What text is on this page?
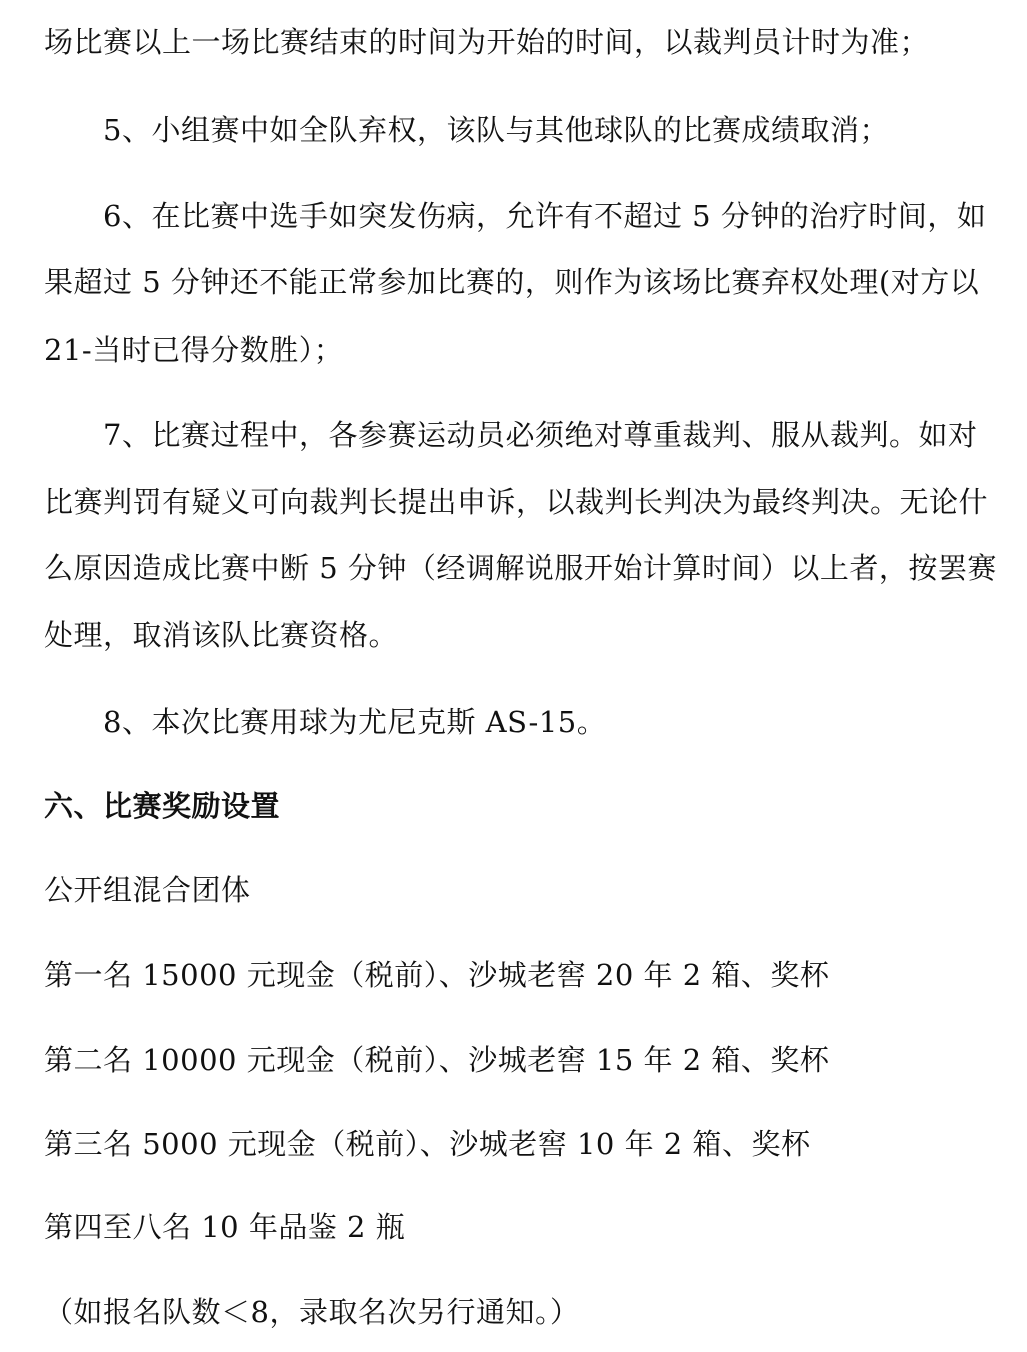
场比赛以上一场比赛结束的时间为开始的时间，以裁判员计时为准；
5、小组赛中如全队弃权，该队与其他球队的比赛成绩取消；
6、在比赛中选手如突发伤病，允许有不超过 5 分钟的治疗时间，如
果超过 5 分钟还不能正常参加比赛的，则作为该场比赛弃权处理(对方以
21-当时已得分数胜）；
7、比赛过程中，各参赛运动员必须绝对尊重裁判、服从裁判。如对
比赛判罚有疑义可向裁判长提出申诉，以裁判长判决为最终判决。无论什
么原因造成比赛中断 5 分钟（经调解说服开始计算时间）以上者，按罢赛
处理，取消该队比赛资格。
8、本次比赛用球为尤尼克斯 AS-15。
六、比赛奖励设置
公开组混合团体
第一名 15000 元现金（税前）、沙城老窖 20 年 2 箱、奖杯
第二名 10000 元现金（税前）、沙城老窖 15 年 2 箱、奖杯
第三名 5000 元现金（税前）、沙城老窖 10 年 2 箱、奖杯
第四至八名 10 年品鉴 2 瓶
（如报名队数＜8，录取名次另行通知。）
